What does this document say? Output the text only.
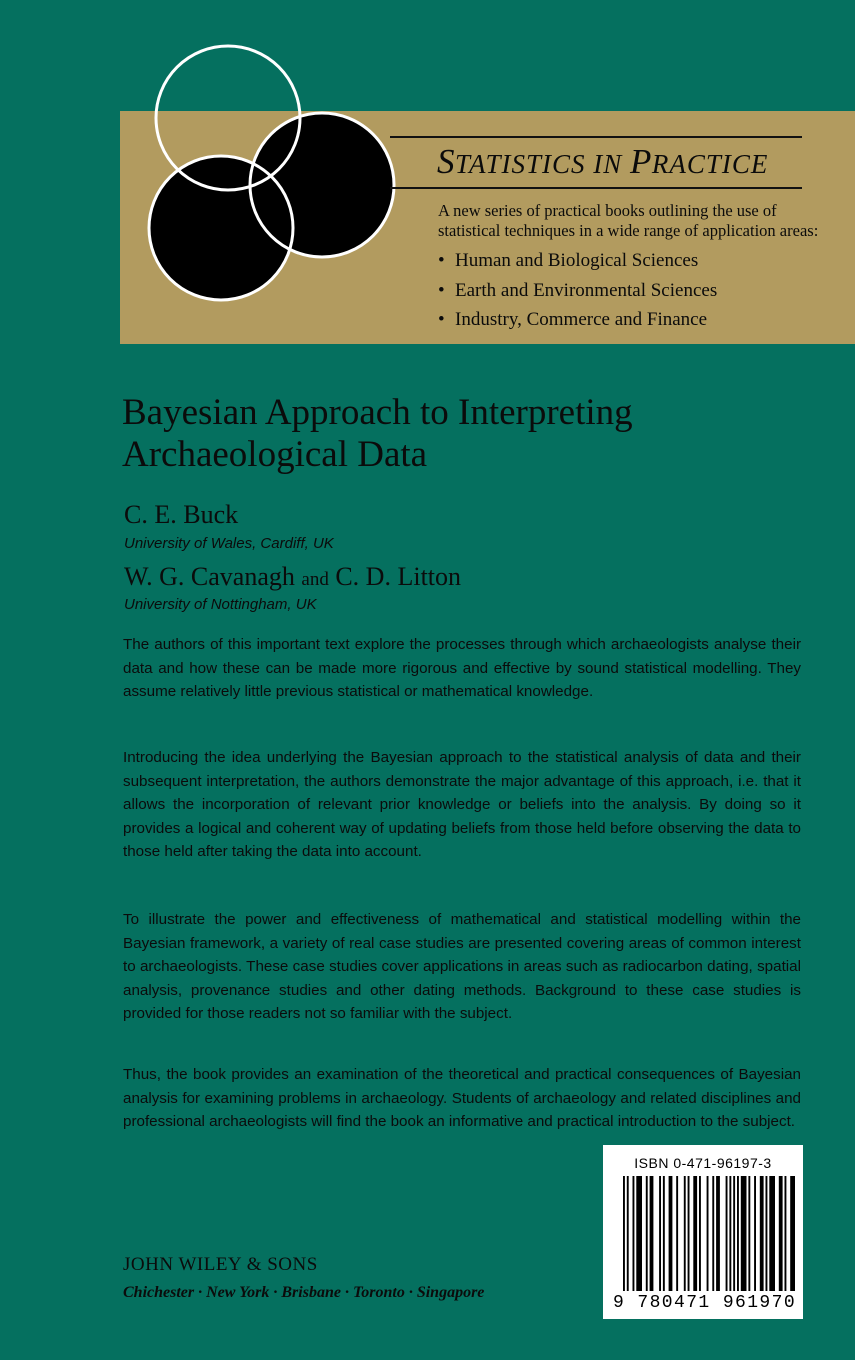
STATISTICS IN PRACTICE

A new series of practical books outlining the use of statistical techniques in a wide range of application areas:

• Human and Biological Sciences
• Earth and Environmental Sciences
• Industry, Commerce and Finance
Bayesian Approach to Interpreting
Archaeological Data
C. E. Buck
University of Wales, Cardiff, UK
W. G. Cavanagh and C. D. Litton
University of Nottingham, UK

The authors of this important text explore the processes through which archaeologists analyse their data and how these can be made more rigorous and effective by sound statistical modelling. They assume relatively little previous statistical or mathematical knowledge.

Introducing the idea underlying the Bayesian approach to the statistical analysis of data and their subsequent interpretation, the authors demonstrate the major advantage of this approach, i.e. that it allows the incorporation of relevant prior knowledge or beliefs into the analysis. By doing so it provides a logical and coherent way of updating beliefs from those held before observing the data to those held after taking the data into account.

To illustrate the power and effectiveness of mathematical and statistical modelling within the Bayesian framework, a variety of real case studies are presented covering areas of common interest to archaeologists. These case studies cover applications in areas such as radiocarbon dating, spatial analysis, provenance studies and other dating methods. Background to these case studies is provided for those readers not so familiar with the subject.

Thus, the book provides an examination of the theoretical and practical consequences of Bayesian analysis for examining problems in archaeology. Students of archaeology and related disciplines and professional archaeologists will find the book an informative and practical introduction to the subject.

ISBN 0-471-96197-3
9 780471 961970
JOHN WILEY & SONS
Chichester · New York · Brisbane · Toronto · Singapore
